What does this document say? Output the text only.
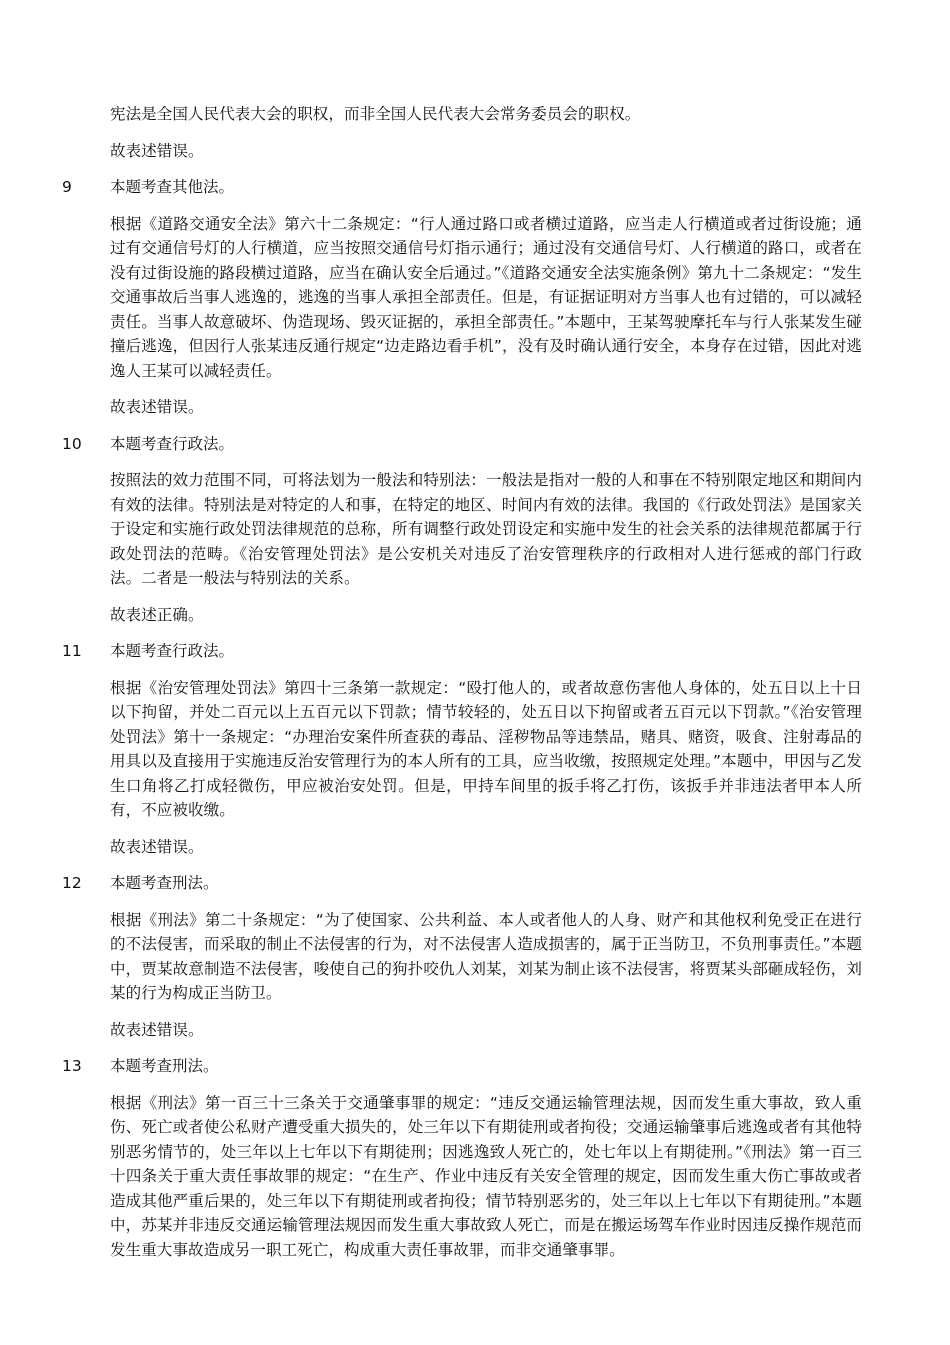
宪法是全国人民代表大会的职权，而非全国人民代表大会常务委员会的职权。

故表述错误。

9	本题考查其他法。

根据《道路交通安全法》第六十二条规定：“行人通过路口或者横过道路，应当走人行横道或者过街设施；通过有交通信号灯的人行横道，应当按照交通信号灯指示通行；通过没有交通信号灯、人行横道的路口，或者在没有过街设施的路段横过道路，应当在确认安全后通过。”《道路交通安全法实施条例》第九十二条规定：“发生交通事故后当事人逃逸的，逃逸的当事人承担全部责任。但是，有证据证明对方当事人也有过错的，可以减轻责任。当事人故意破坏、伪造现场、毁灭证据的，承担全部责任。”本题中，王某驾驶摩托车与行人张某发生碰撞后逃逸，但因行人张某违反通行规定“边走路边看手机”，没有及时确认通行安全，本身存在过错，因此对逃逸人王某可以减轻责任。

故表述错误。

10	本题考查行政法。

按照法的效力范围不同，可将法划为一般法和特别法：一般法是指对一般的人和事在不特别限定地区和期间内有效的法律。特别法是对特定的人和事，在特定的地区、时间内有效的法律。我国的《行政处罚法》是国家关于设定和实施行政处罚法律规范的总称，所有调整行政处罚设定和实施中发生的社会关系的法律规范都属于行政处罚法的范畴。《治安管理处罚法》是公安机关对违反了治安管理秩序的行政相对人进行惩戒的部门行政法。二者是一般法与特别法的关系。

故表述正确。

11	本题考查行政法。

根据《治安管理处罚法》第四十三条第一款规定：“殴打他人的，或者故意伤害他人身体的，处五日以上十日以下拘留，并处二百元以上五百元以下罚款；情节较轻的，处五日以下拘留或者五百元以下罚款。”《治安管理处罚法》第十一条规定：“办理治安案件所查获的毒品、淫秽物品等违禁品，赌具、赌资，吸食、注射毒品的用具以及直接用于实施违反治安管理行为的本人所有的工具，应当收缴，按照规定处理。”本题中，甲因与乙发生口角将乙打成轻微伤，甲应被治安处罚。但是，甲持车间里的扳手将乙打伤，该扳手并非违法者甲本人所有，不应被收缴。

故表述错误。

12	本题考查刑法。

根据《刑法》第二十条规定：“为了使国家、公共利益、本人或者他人的人身、财产和其他权利免受正在进行的不法侵害，而采取的制止不法侵害的行为，对不法侵害人造成损害的，属于正当防卫，不负刑事责任。”本题中，贾某故意制造不法侵害，唆使自己的狗扑咬仇人刘某，刘某为制止该不法侵害，将贾某头部砸成轻伤，刘某的行为构成正当防卫。

故表述错误。

13	本题考查刑法。

根据《刑法》第一百三十三条关于交通肇事罪的规定：“违反交通运输管理法规，因而发生重大事故，致人重伤、死亡或者使公私财产遭受重大损失的，处三年以下有期徒刑或者拘役；交通运输肇事后逃逸或者有其他特别恶劣情节的，处三年以上七年以下有期徒刑；因逃逸致人死亡的，处七年以上有期徒刑。”《刑法》第一百三十四条关于重大责任事故罪的规定：“在生产、作业中违反有关安全管理的规定，因而发生重大伤亡事故或者造成其他严重后果的，处三年以下有期徒刑或者拘役；情节特别恶劣的，处三年以上七年以下有期徒刑。”本题中，苏某并非违反交通运输管理法规因而发生重大事故致人死亡，而是在搬运场驾车作业时因违反操作规范而发生重大事故造成另一职工死亡，构成重大责任事故罪，而非交通肇事罪。
